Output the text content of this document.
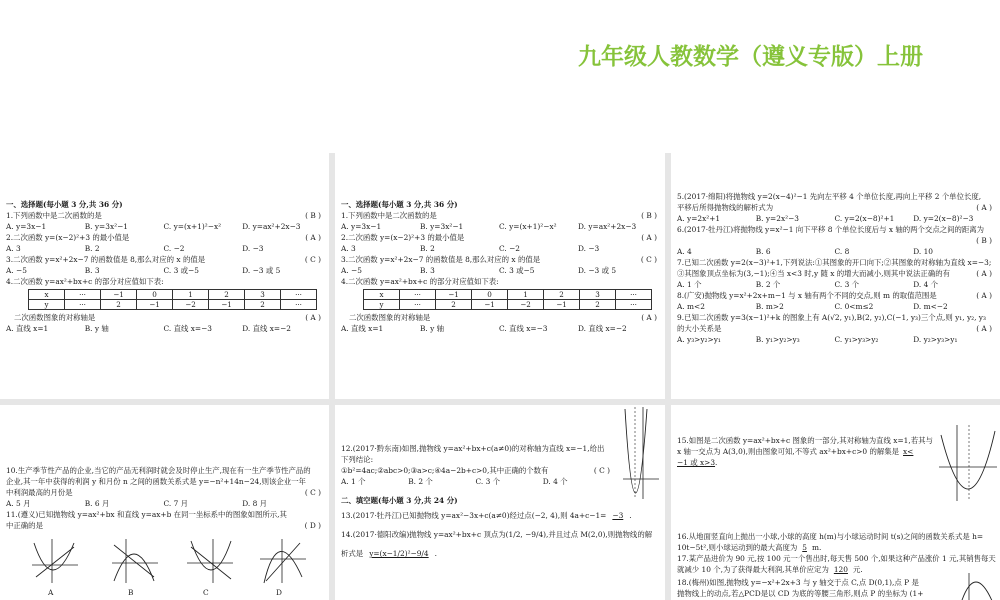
九年级人教数学（遵义专版）上册
一、选择题(每小题 3 分,共 36 分)
1.下列函数中是二次函数的是	( B )
A. y=3x−1	B. y=3x²−1	C. y=(x+1)²−x²	D. y=ax²+2x−3
2.二次函数 y=(x−2)²+3 的最小值是	( A )
A. 3	B. 2	C. −2	D. −3
3.二次函数 y=x²+2x−7 的函数值是 8,那么对应的 x 的值是	( C )
A. −5	B. 3	C. 3 或−5	D. −3 或 5
4.二次函数 y=ax²+bx+c 的部分对应值如下表:
x	···	−1	0	1	2	3	···
y	···	2	−1	−2	−1	2	···
二次函数图象的对称轴是	( A )
A. 直线 x=1	B. y 轴	C. 直线 x=−3	D. 直线 x=−2
一、选择题(每小题 3 分,共 36 分)
1.下列函数中是二次函数的是	( B )
A. y=3x−1	B. y=3x²−1	C. y=(x+1)²−x²	D. y=ax²+2x−3
2.二次函数 y=(x−2)²+3 的最小值是	( A )
A. 3	B. 2	C. −2	D. −3
3.二次函数 y=x²+2x−7 的函数值是 8,那么对应的 x 的值是	( C )
A. −5	B. 3	C. 3 或−5	D. −3 或 5
4.二次函数 y=ax²+bx+c 的部分对应值如下表:
x	···	−1	0	1	2	3	···
y	···	2	−1	−2	−1	2	···
二次函数图象的对称轴是	( A )
A. 直线 x=1	B. y 轴	C. 直线 x=−3	D. 直线 x=−2
5.(2017·绵阳)将抛物线 y=2(x−4)²−1 先向左平移 4 个单位长度,再向上平移 2 个单位长度,
平移后所得抛物线的解析式为	( A )
A. y=2x²+1	B. y=2x²−3	C. y=2(x−8)²+1	D. y=2(x−8)²−3
6.(2017·牡丹江)将抛物线 y=x²−1 向下平移 8 个单位长度后与 x 轴的两个交点之间的距离为
( B )
A. 4	B. 6	C. 8	D. 10
7.已知二次函数 y=2(x−3)²+1,下列说法:①其图象的开口向下;②其图象的对称轴为直线 x=−3;
③其图象顶点坐标为(3,−1);④当 x<3 时,y 随 x 的增大而减小,则其中说法正确的有	( A )
A. 1 个	B. 2 个	C. 3 个	D. 4 个
8.(广安)抛物线 y=x²+2x+m−1 与 x 轴有两个不同的交点,则 m 的取值范围是	( A )
A. m<2	B. m>2	C. 0<m≤2	D. m<−2
9.已知二次函数 y=3(x−1)²+k 的图象上有 A(√2, y₁),B(2, y₂),C(−1, y₃)三个点,则 y₁, y₂, y₃
的大小关系是	( A )
A. y₃>y₂>y₁	B. y₁>y₂>y₃	C. y₁>y₃>y₂	D. y₂>y₃>y₁
10.生产季节性产品的企业,当它的产品无利润时就会及时停止生产,现在有一生产季节性产品的
企业,其一年中获得的利润 y 和月份 n 之间的函数关系式是 y=−n²+14n−24,则该企业一年
中利润最高的月份是	( C )
A. 5 月	B. 6 月	C. 7 月	D. 8 月
11.(遵义)已知抛物线 y=ax²+bx 和直线 y=ax+b 在同一坐标系中的图象如图所示,其
中正确的是	( D )
A	B	C	D
12.(2017·黔东南)如图,抛物线 y=ax²+bx+c(a≠0)的对称轴为直线 x=−1,给出
下列结论:
①b²=4ac;②abc>0;③a>c;④4a−2b+c>0,其中正确的个数有	( C )
A. 1 个	B. 2 个	C. 3 个	D. 4 个
二、填空题(每小题 3 分,共 24 分)
13.(2017·牡丹江)已知抛物线 y=ax²−3x+c(a≠0)经过点(−2, 4),则 4a+c−1= −3 .
14.(2017·德阳改编)抛物线 y=ax²+bx+c 顶点为(1/2, −9/4),并且过点 M(2,0),则抛物线的解
析式是 y=(x−1/2)²−9/4 .
15.如图是二次函数 y=ax²+bx+c 图象的一部分,其对称轴为直线 x=1,若其与
x 轴一交点为 A(3,0),则由图象可知,不等式 ax²+bx+c>0 的解集是 x<
−1 或 x>3.
16.从地面竖直向上抛出一小球,小球的高度 h(m)与小球运动时间 t(s)之间的函数关系式是 h=
10t−5t²,则小球运动到的最大高度为 5 m.
17.某产品进价为 90 元,按 100 元一个售出时,每天售 500 个,如果这种产品涨价 1 元,其销售每天
就减少 10 个,为了获得最大利润,其单价应定为 120 元.
18.(梅州)如图,抛物线 y=−x²+2x+3 与 y 轴交于点 C,点 D(0,1),点 P 是
抛物线上的动点,若△PCD是以 CD 为底的等腰三角形,则点 P 的坐标为 (1+
